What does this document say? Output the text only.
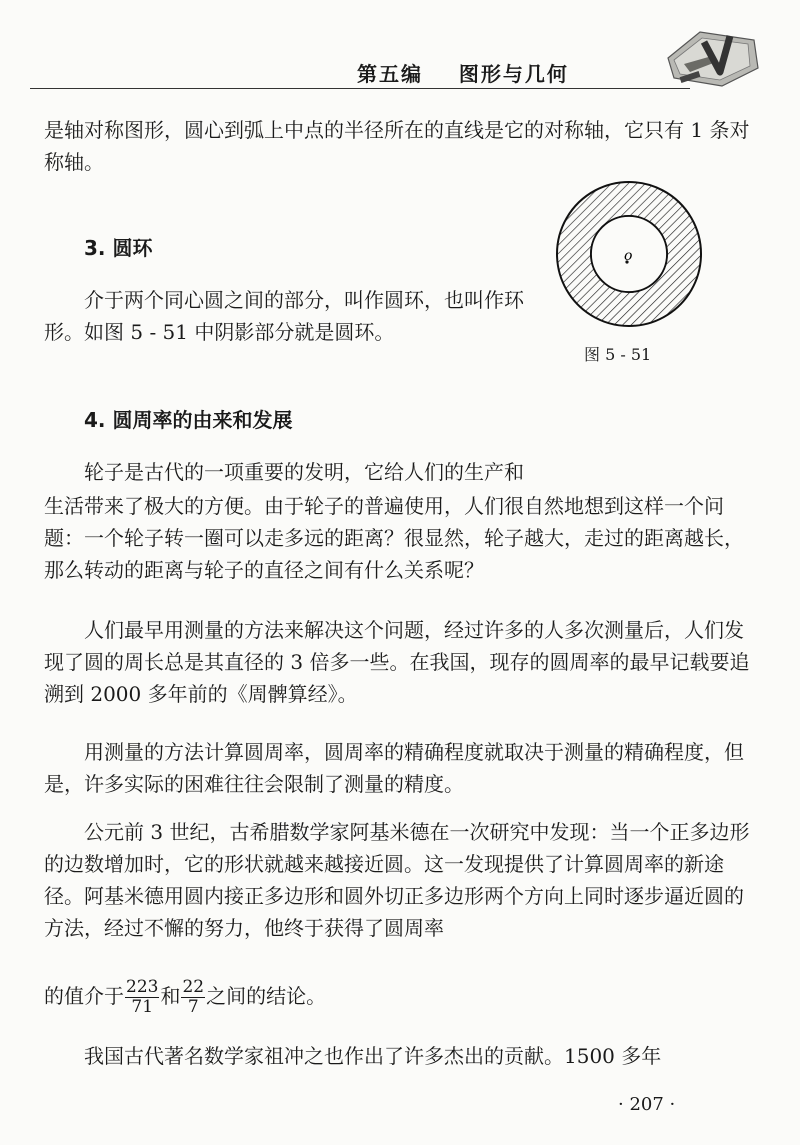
第五编    图形与几何

是轴对称图形，圆心到弧上中点的半径所在的直线是它的对称轴，它只有 1 条对称轴。

3. 圆环

介于两个同心圆之间的部分，叫作圆环，也叫作环形。如图 5 - 51 中阴影部分就是圆环。

o
图 5 - 51
4. 圆周率的由来和发展

轮子是古代的一项重要的发明，它给人们的生产和

生活带来了极大的方便。由于轮子的普遍使用，人们很自然地想到这样一个问题：一个轮子转一圈可以走多远的距离？很显然，轮子越大，走过的距离越长，那么转动的距离与轮子的直径之间有什么关系呢？

人们最早用测量的方法来解决这个问题，经过许多的人多次测量后，人们发现了圆的周长总是其直径的 3 倍多一些。在我国，现存的圆周率的最早记载要追溯到 2000 多年前的《周髀算经》。

用测量的方法计算圆周率，圆周率的精确程度就取决于测量的精确程度，但是，许多实际的困难往往会限制了测量的精度。

公元前 3 世纪，古希腊数学家阿基米德在一次研究中发现：当一个正多边形的边数增加时，它的形状就越来越接近圆。这一发现提供了计算圆周率的新途径。阿基米德用圆内接正多边形和圆外切正多边形两个方向上同时逐步逼近圆的方法，经过不懈的努力，他终于获得了圆周率

的值介于 $\frac{223}{71}$ 和 $\frac{22}{7}$ 之间的结论。

我国古代著名数学家祖冲之也作出了许多杰出的贡献。1500 多年

· 207 ·
